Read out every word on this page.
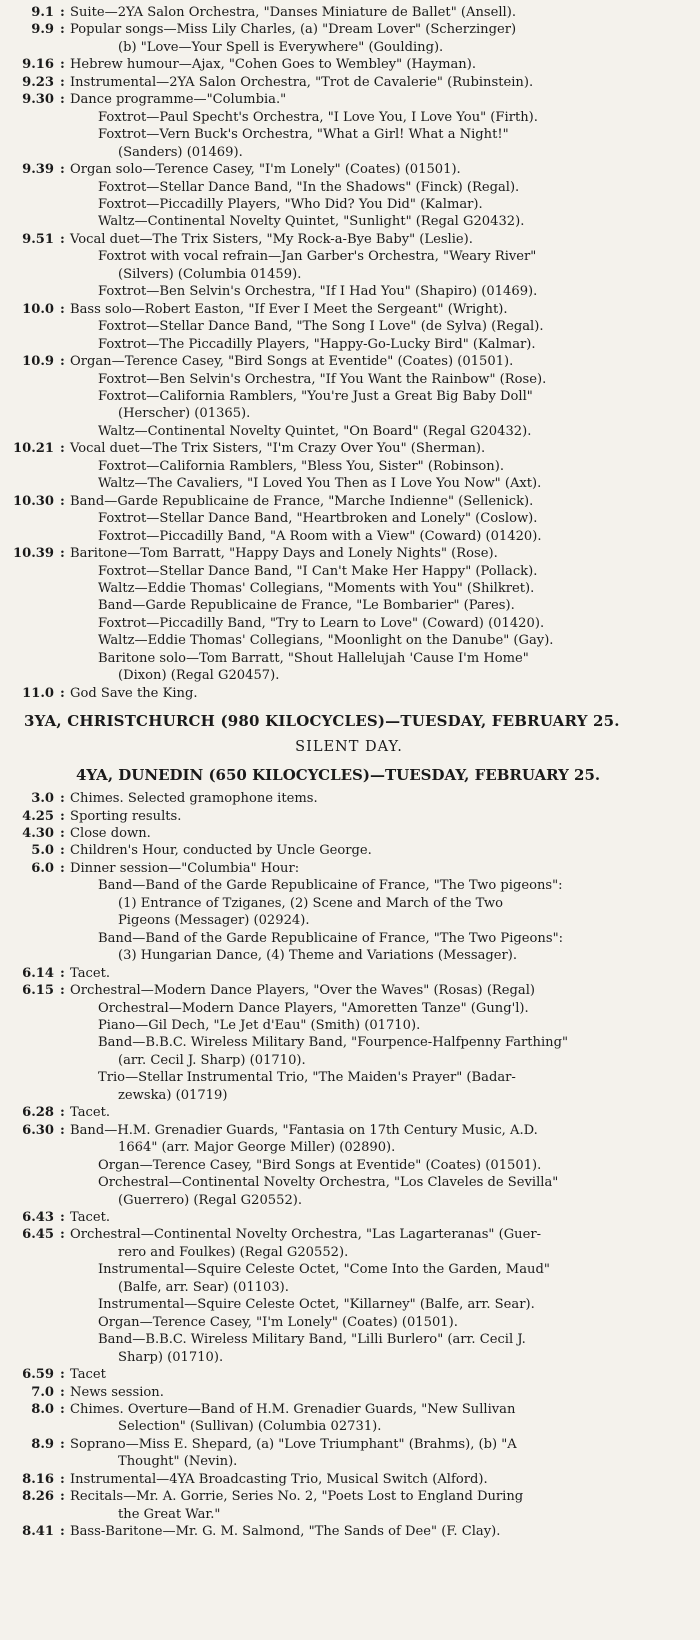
9.1 : Suite—2YA Salon Orchestra, "Danses Miniature de Ballet" (Ansell).
9.9 : Popular songs—Miss Lily Charles, (a) "Dream Lover" (Scherzinger)
(b) "Love—Your Spell is Everywhere" (Goulding).
9.16 : Hebrew humour—Ajax, "Cohen Goes to Wembley" (Hayman).
9.23 : Instrumental—2YA Salon Orchestra, "Trot de Cavalerie" (Rubinstein).
9.30 : Dance programme—"Columbia."
Foxtrot—Paul Specht's Orchestra, "I Love You, I Love You" (Firth).
Foxtrot—Vern Buck's Orchestra, "What a Girl! What a Night!"
(Sanders) (01469).
9.39 : Organ solo—Terence Casey, "I'm Lonely" (Coates) (01501).
Foxtrot—Stellar Dance Band, "In the Shadows" (Finck) (Regal).
Foxtrot—Piccadilly Players, "Who Did? You Did" (Kalmar).
Waltz—Continental Novelty Quintet, "Sunlight" (Regal G20432).
9.51 : Vocal duet—The Trix Sisters, "My Rock-a-Bye Baby" (Leslie).
Foxtrot with vocal refrain—Jan Garber's Orchestra, "Weary River"
(Silvers) (Columbia 01459).
Foxtrot—Ben Selvin's Orchestra, "If I Had You" (Shapiro) (01469).
10.0 : Bass solo—Robert Easton, "If Ever I Meet the Sergeant" (Wright).
Foxtrot—Stellar Dance Band, "The Song I Love" (de Sylva) (Regal).
Foxtrot—The Piccadilly Players, "Happy-Go-Lucky Bird" (Kalmar).
10.9 : Organ—Terence Casey, "Bird Songs at Eventide" (Coates) (01501).
Foxtrot—Ben Selvin's Orchestra, "If You Want the Rainbow" (Rose).
Foxtrot—California Ramblers, "You're Just a Great Big Baby Doll"
(Herscher) (01365).
Waltz—Continental Novelty Quintet, "On Board" (Regal G20432).
10.21 : Vocal duet—The Trix Sisters, "I'm Crazy Over You" (Sherman).
Foxtrot—California Ramblers, "Bless You, Sister" (Robinson).
Waltz—The Cavaliers, "I Loved You Then as I Love You Now" (Axt).
10.30 : Band—Garde Republicaine de France, "Marche Indienne" (Sellenick).
Foxtrot—Stellar Dance Band, "Heartbroken and Lonely" (Coslow).
Foxtrot—Piccadilly Band, "A Room with a View" (Coward) (01420).
10.39 : Baritone—Tom Barratt, "Happy Days and Lonely Nights" (Rose).
Foxtrot—Stellar Dance Band, "I Can't Make Her Happy" (Pollack).
Waltz—Eddie Thomas' Collegians, "Moments with You" (Shilkret).
Band—Garde Republicaine de France, "Le Bombarier" (Pares).
Foxtrot—Piccadilly Band, "Try to Learn to Love" (Coward) (01420).
Waltz—Eddie Thomas' Collegians, "Moonlight on the Danube" (Gay).
Baritone solo—Tom Barratt, "Shout Hallelujah 'Cause I'm Home"
(Dixon) (Regal G20457).
11.0 : God Save the King.
3YA, CHRISTCHURCH (980 KILOCYCLES)—TUESDAY, FEBRUARY 25.
SILENT DAY.
4YA, DUNEDIN (650 KILOCYCLES)—TUESDAY, FEBRUARY 25.
3.0 : Chimes. Selected gramophone items.
4.25 : Sporting results.
4.30 : Close down.
5.0 : Children's Hour, conducted by Uncle George.
6.0 : Dinner session—"Columbia" Hour:
Band—Band of the Garde Republicaine of France, "The Two pigeons":
(1) Entrance of Tziganes, (2) Scene and March of the Two
Pigeons (Messager) (02924).
Band—Band of the Garde Republicaine of France, "The Two Pigeons":
(3) Hungarian Dance, (4) Theme and Variations (Messager).
6.14 : Tacet.
6.15 : Orchestral—Modern Dance Players, "Over the Waves" (Rosas) (Regal)
Orchestral—Modern Dance Players, "Amoretten Tanze" (Gung'l).
Piano—Gil Dech, "Le Jet d'Eau" (Smith) (01710).
Band—B.B.C. Wireless Military Band, "Fourpence-Halfpenny Farthing"
(arr. Cecil J. Sharp) (01710).
Trio—Stellar Instrumental Trio, "The Maiden's Prayer" (Badar-
zewska) (01719)
6.28 : Tacet.
6.30 : Band—H.M. Grenadier Guards, "Fantasia on 17th Century Music, A.D.
1664" (arr. Major George Miller) (02890).
Organ—Terence Casey, "Bird Songs at Eventide" (Coates) (01501).
Orchestral—Continental Novelty Orchestra, "Los Claveles de Sevilla"
(Guerrero) (Regal G20552).
6.43 : Tacet.
6.45 : Orchestral—Continental Novelty Orchestra, "Las Lagarteranas" (Guer-
rero and Foulkes) (Regal G20552).
Instrumental—Squire Celeste Octet, "Come Into the Garden, Maud"
(Balfe, arr. Sear) (01103).
Instrumental—Squire Celeste Octet, "Killarney" (Balfe, arr. Sear).
Organ—Terence Casey, "I'm Lonely" (Coates) (01501).
Band—B.B.C. Wireless Military Band, "Lilli Burlero" (arr. Cecil J.
Sharp) (01710).
6.59 : Tacet
7.0 : News session.
8.0 : Chimes. Overture—Band of H.M. Grenadier Guards, "New Sullivan
Selection" (Sullivan) (Columbia 02731).
8.9 : Soprano—Miss E. Shepard, (a) "Love Triumphant" (Brahms), (b) "A
Thought" (Nevin).
8.16 : Instrumental—4YA Broadcasting Trio, Musical Switch (Alford).
8.26 : Recitals—Mr. A. Gorrie, Series No. 2, "Poets Lost to England During
the Great War."
8.41 : Bass-Baritone—Mr. G. M. Salmond, "The Sands of Dee" (F. Clay).
